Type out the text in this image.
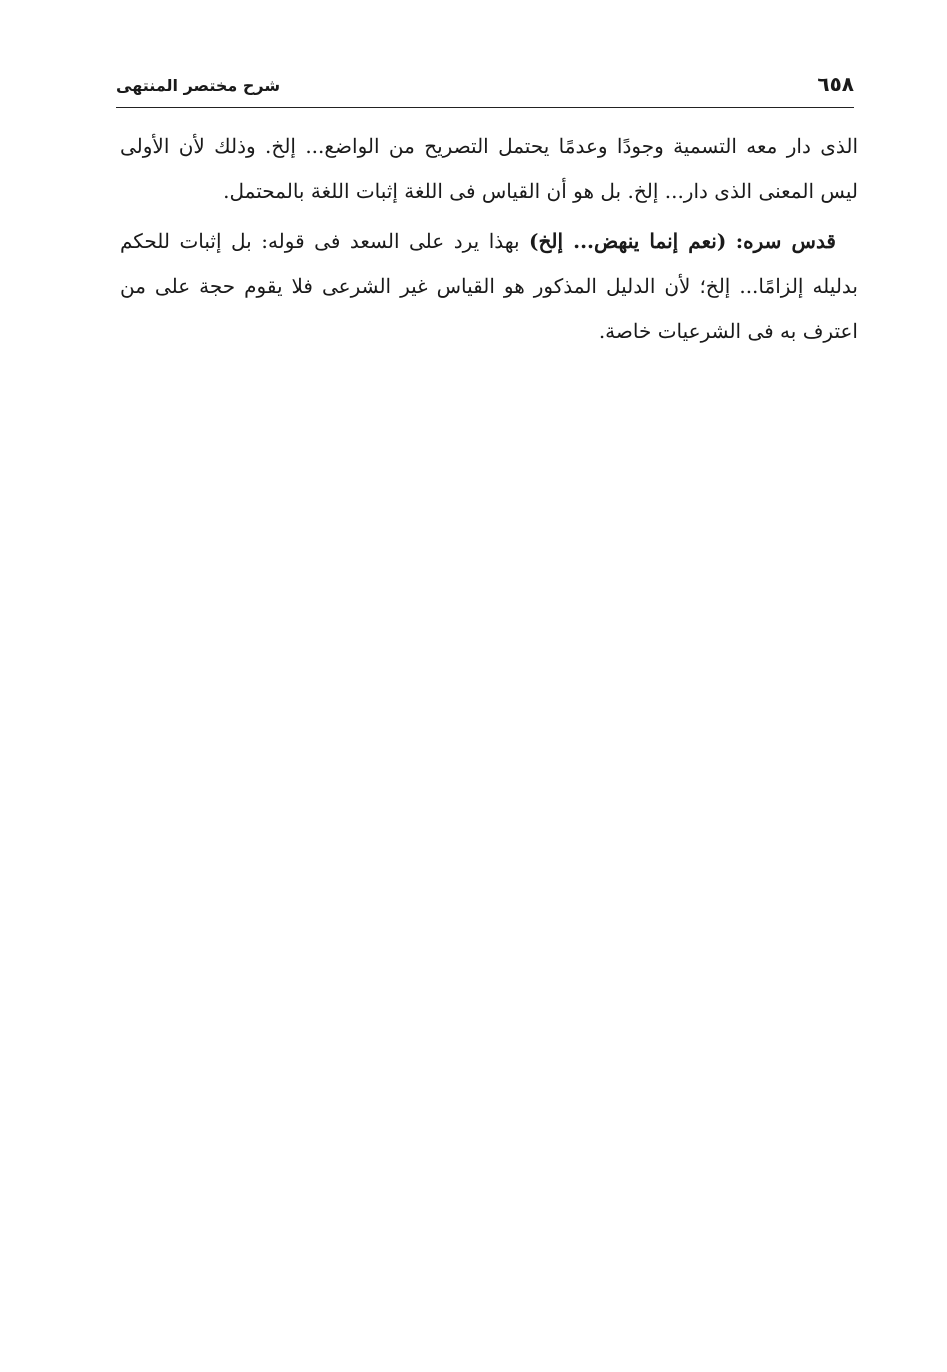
٦٥٨
شرح مختصر المنتهى

الذى دار معه التسمية وجودًا وعدمًا يحتمل التصريح من الواضع... إلخ. وذلك لأن الأولى ليس المعنى الذى دار... إلخ. بل هو أن القياس فى اللغة إثبات اللغة بالمحتمل.

قدس سره: (نعم إنما ينهض... إلخ) بهذا يرد على السعد فى قوله: بل إثبات للحكم بدليله إلزامًا... إلخ؛ لأن الدليل المذكور هو القياس غير الشرعى فلا يقوم حجة على من اعترف به فى الشرعيات خاصة.
